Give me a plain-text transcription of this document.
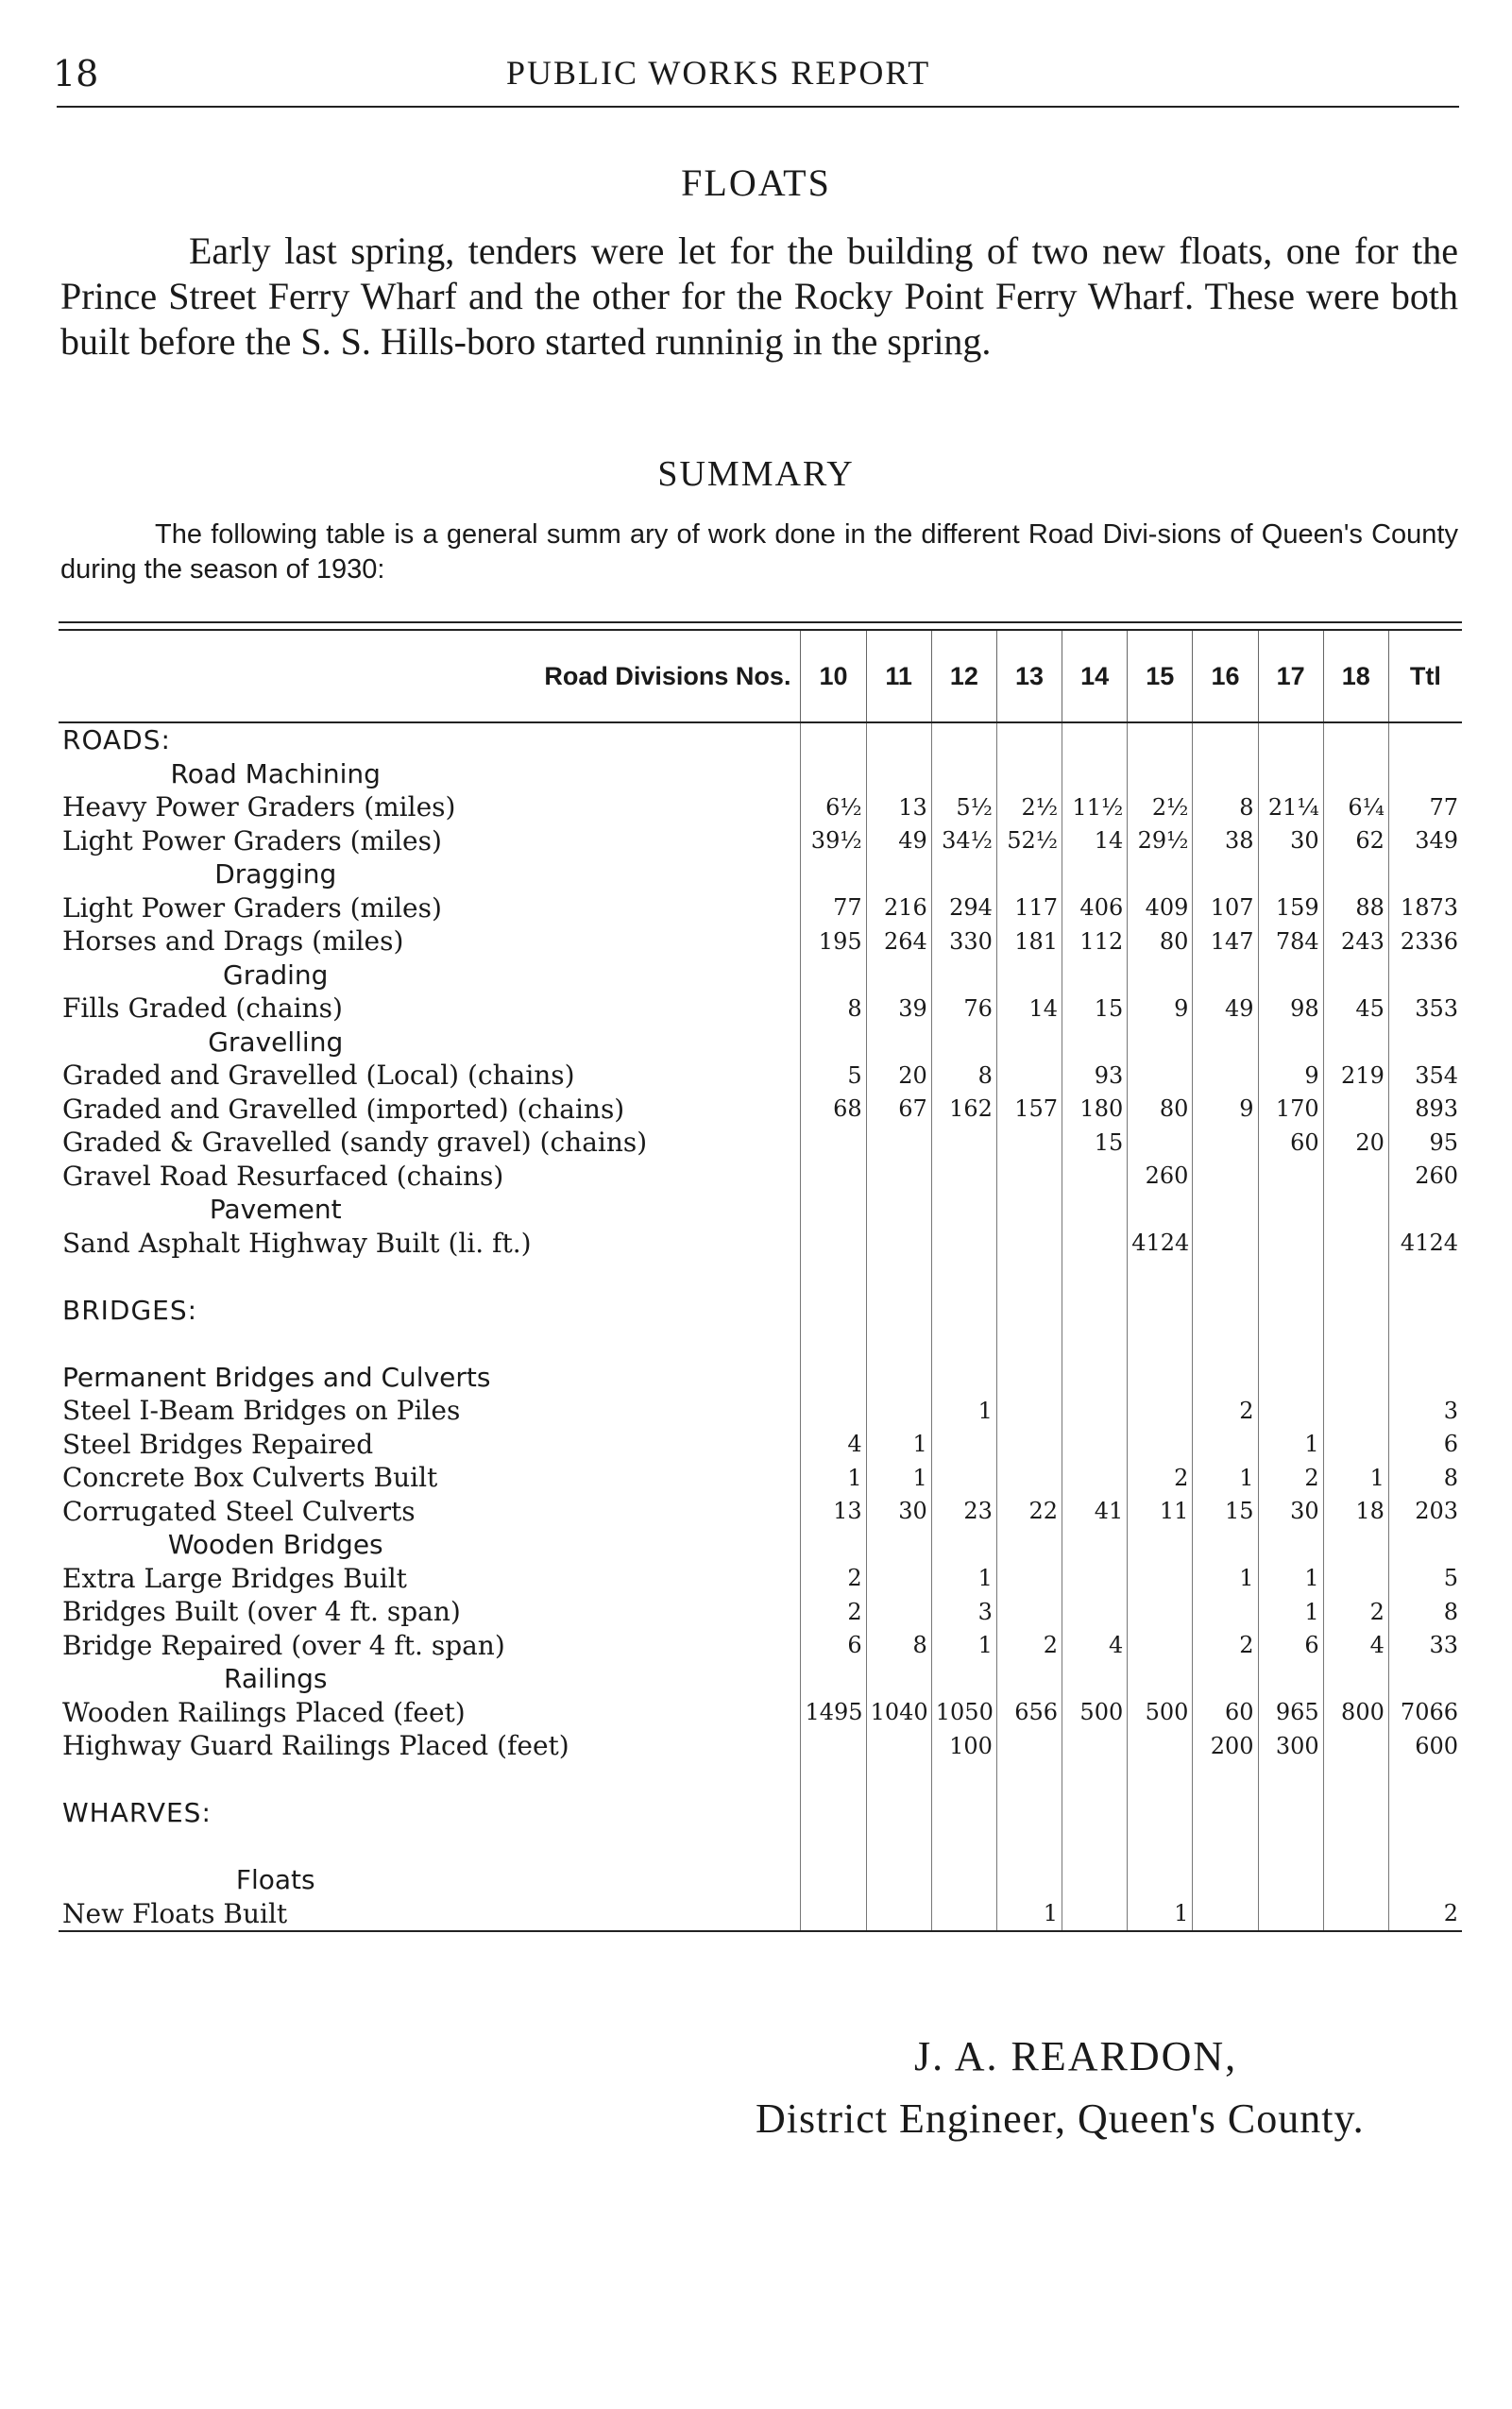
18	PUBLIC WORKS REPORT
FLOATS
Early last spring, tenders were let for the building of two new floats, one for the Prince Street Ferry Wharf and the other for the Rocky Point Ferry Wharf. These were both built before the S. S. Hills-boro started runninig in the spring.
SUMMARY
The following table is a general summ ary of work done in the different Road Divi-sions of Queen's County during the season of 1930:

Road Divisions Nos.	10	11	12	13	14	15	16	17	18	Ttl
ROADS:										
Road Machining										
Heavy Power Graders (miles)	6½	13	5½	2½	11½	2½	8	21¼	6¼	77
Light Power Graders (miles)	39½	49	34½	52½	14	29½	38	30	62	349
Dragging										
Light Power Graders (miles)	77	216	294	117	406	409	107	159	88	1873
Horses and Drags (miles)	195	264	330	181	112	80	147	784	243	2336
Grading										
Fills Graded (chains)	8	39	76	14	15	9	49	98	45	353
Gravelling										
Graded and Gravelled (Local) (chains)	5	20	8		93			9	219	354
Graded and Gravelled (imported) (chains)	68	67	162	157	180	80	9	170		893
Graded & Gravelled (sandy gravel) (chains)					15			60	20	95
Gravel Road Resurfaced (chains)						260				260
Pavement										
Sand Asphalt Highway Built (li. ft.)						4124				4124

BRIDGES:										

Permanent Bridges and Culverts										
Steel I-Beam Bridges on Piles			1				2			3
Steel Bridges Repaired	4	1						1		6
Concrete Box Culverts Built	1	1				2	1	2	1	8
Corrugated Steel Culverts	13	30	23	22	41	11	15	30	18	203
Wooden Bridges										
Extra Large Bridges Built	2		1				1	1		5
Bridges Built (over 4 ft. span)	2		3					1	2	8
Bridge Repaired (over 4 ft. span)	6	8	1	2	4		2	6	4	33
Railings										
Wooden Railings Placed (feet)	1495	1040	1050	656	500	500	60	965	800	7066
Highway Guard Railings Placed (feet)			100				200	300		600

WHARVES:										

Floats										
New Floats Built				1		1				2
J. A. REARDON,
District Engineer, Queen's County.
